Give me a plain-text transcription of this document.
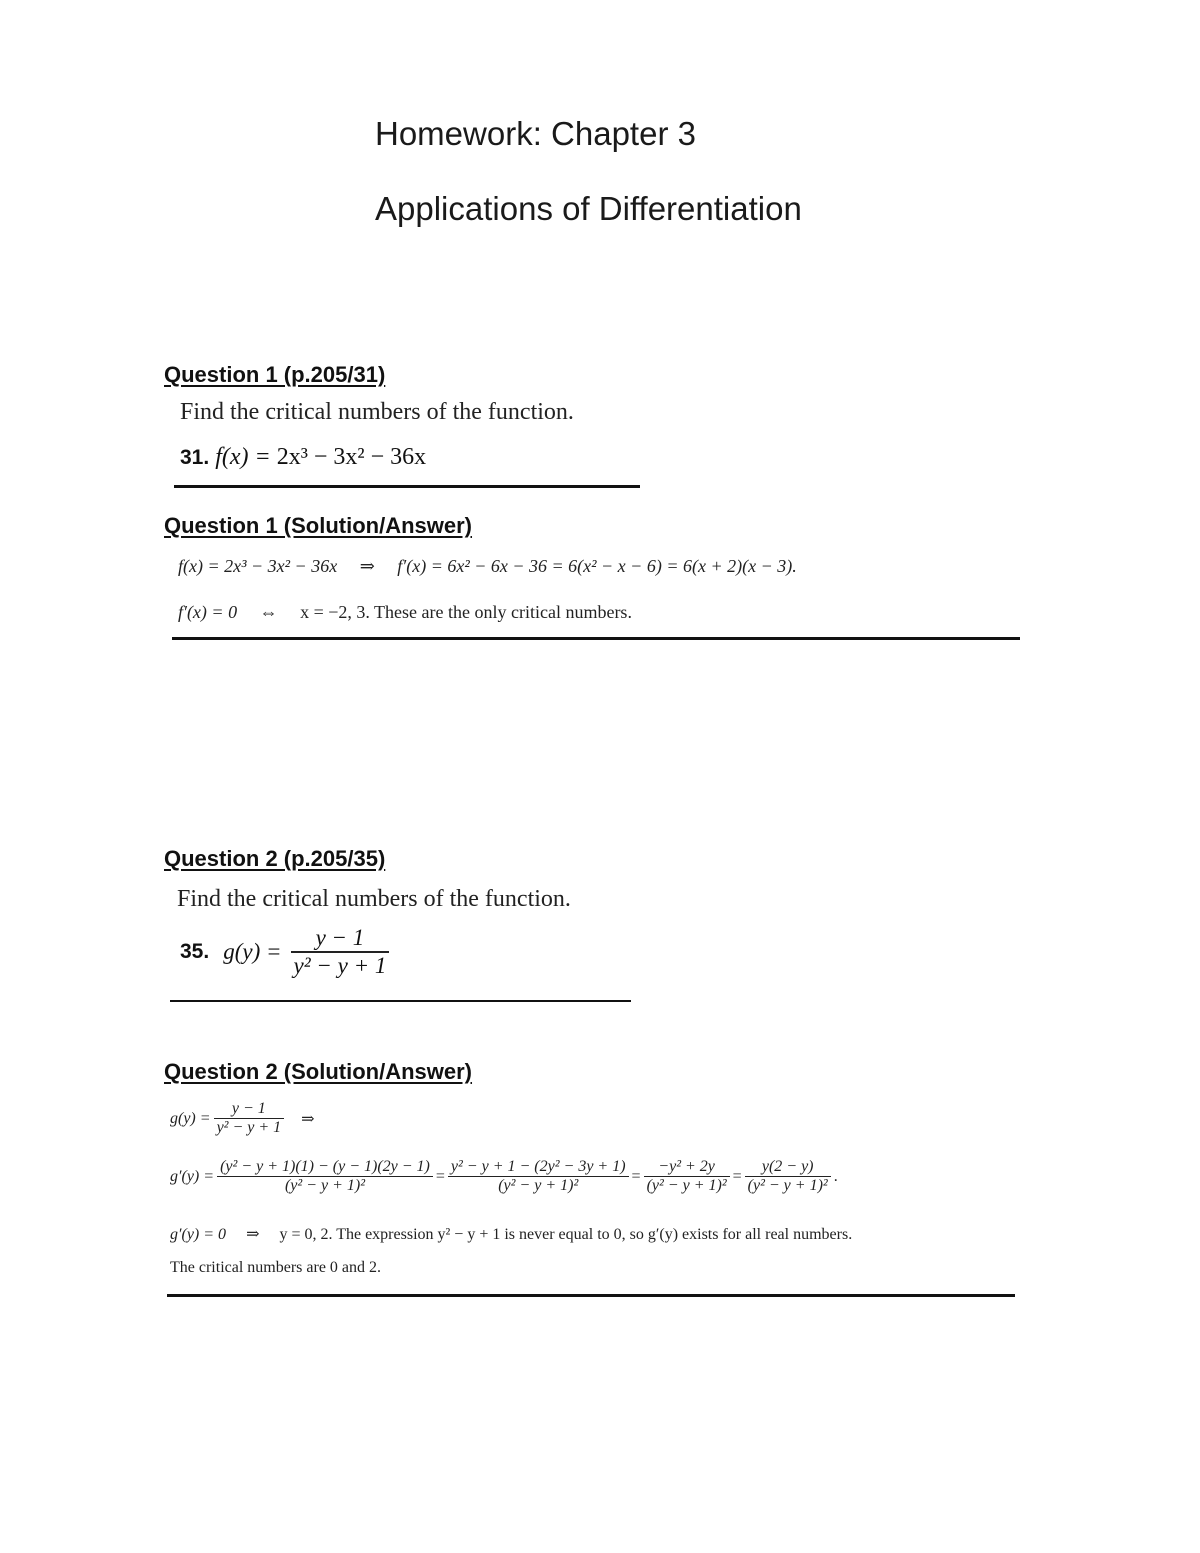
Homework: Chapter 3
Applications of Differentiation
Question 1 (p.205/31)
Find the critical numbers of the function.
31. f(x) = 2x³ − 3x² − 36x
Question 1 (Solution/Answer)
f(x) = 2x³ − 3x² − 36x ⇒ f′(x) = 6x² − 6x − 36 = 6(x² − x − 6) = 6(x + 2)(x − 3).
f′(x) = 0 ⇔ x = −2, 3. These are the only critical numbers.
Question 2 (p.205/35)
Find the critical numbers of the function.
35. $g(y) = \frac{y - 1}{\text{y² − y + 1}}$
Question 2 (Solution/Answer)
$g(y) = \frac{y - 1}{\text{y² − y + 1}}$ ⇒
$g'(y) = \frac{\text{(y² − y + 1)(1) − (y − 1)(2y − 1)}}{\text{(y² − y + 1)²}} = \frac{\text{y² − y + 1 − (2y² − 3y + 1)}}{\text{(y² − y + 1)²}} = \frac{\text{−y² + 2y}}{\text{(y² − y + 1)²}} = \frac{y(2 - y)}{\text{(y² − y + 1)²}}$ .
g′(y) = 0 ⇒ y = 0, 2. The expression y² − y + 1 is never equal to 0, so g′(y) exists for all real numbers.
The critical numbers are 0 and 2.
